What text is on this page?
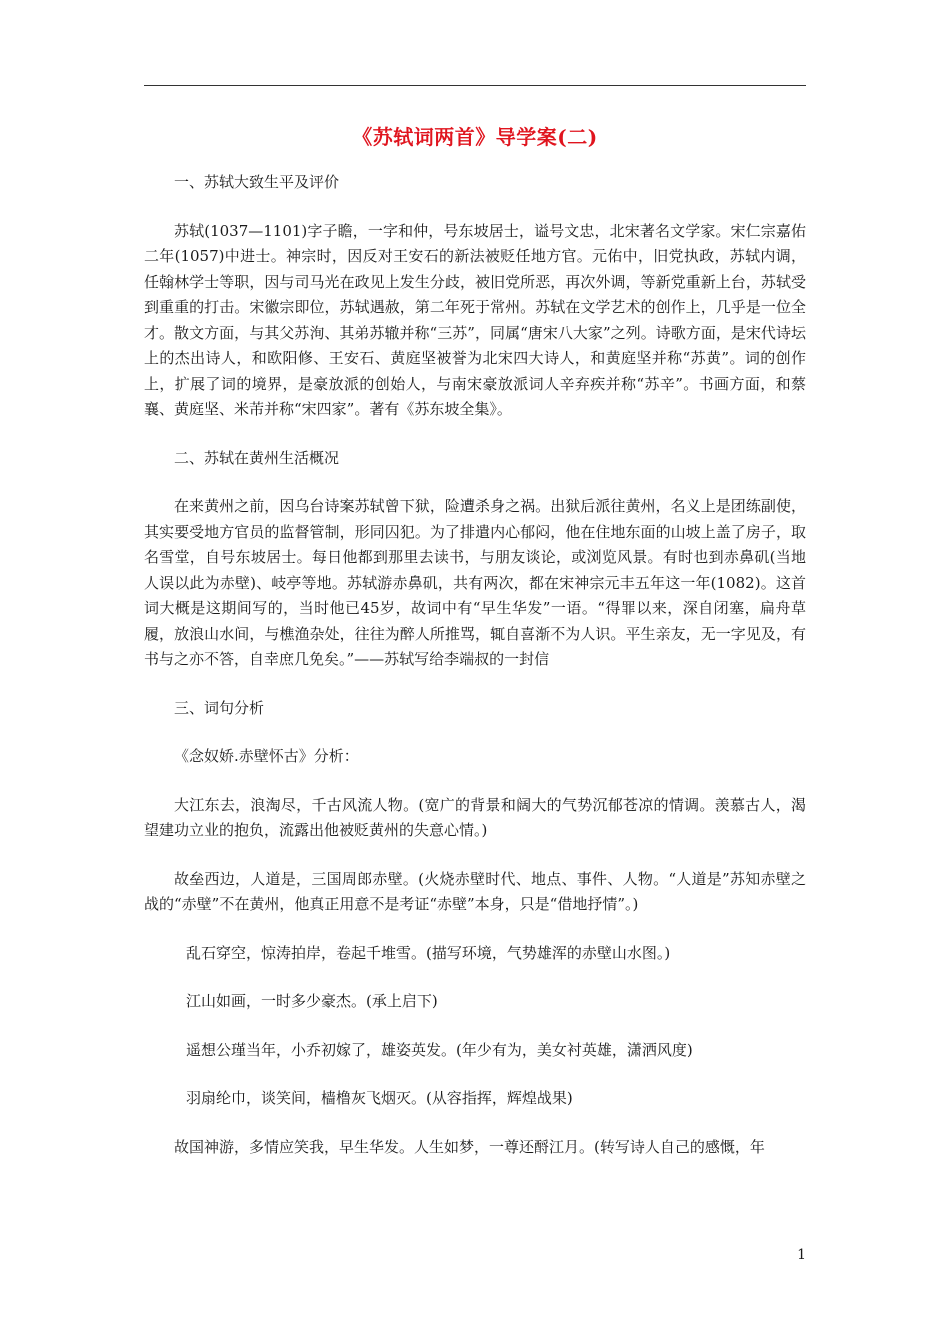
《苏轼词两首》导学案(二)

一、苏轼大致生平及评价

苏轼(1037—1101)字子瞻，一字和仲，号东坡居士，谥号文忠，北宋著名文学家。宋仁宗嘉佑二年(1057)中进士。神宗时，因反对王安石的新法被贬任地方官。元佑中，旧党执政，苏轼内调，任翰林学士等职，因与司马光在政见上发生分歧，被旧党所恶，再次外调，等新党重新上台，苏轼受到重重的打击。宋徽宗即位，苏轼遇赦，第二年死于常州。苏轼在文学艺术的创作上，几乎是一位全才。散文方面，与其父苏洵、其弟苏辙并称“三苏”，同属“唐宋八大家”之列。诗歌方面，是宋代诗坛上的杰出诗人，和欧阳修、王安石、黄庭坚被誉为北宋四大诗人，和黄庭坚并称“苏黄”。词的创作上，扩展了词的境界，是豪放派的创始人，与南宋豪放派词人辛弃疾并称“苏辛”。书画方面，和蔡襄、黄庭坚、米芾并称“宋四家”。著有《苏东坡全集》。

二、苏轼在黄州生活概况

在来黄州之前，因乌台诗案苏轼曾下狱，险遭杀身之祸。出狱后派往黄州，名义上是团练副使，其实要受地方官员的监督管制，形同囚犯。为了排遣内心郁闷，他在住地东面的山坡上盖了房子，取名雪堂，自号东坡居士。每日他都到那里去读书，与朋友谈论，或浏览风景。有时也到赤鼻矶(当地人误以此为赤壁)、岐亭等地。苏轼游赤鼻矶，共有两次，都在宋神宗元丰五年这一年(1082)。这首词大概是这期间写的，当时他已45岁，故词中有“早生华发”一语。“得罪以来，深自闭塞，扁舟草履，放浪山水间，与樵渔杂处，往往为醉人所推骂，辄自喜渐不为人识。平生亲友，无一字见及，有书与之亦不答，自幸庶几免矣。”——苏轼写给李端叔的一封信

三、词句分析

《念奴娇.赤壁怀古》分析：

大江东去，浪淘尽，千古风流人物。(宽广的背景和阔大的气势沉郁苍凉的情调。羡慕古人，渴望建功立业的抱负，流露出他被贬黄州的失意心情。)

故垒西边，人道是，三国周郎赤壁。(火烧赤壁时代、地点、事件、人物。“人道是”苏知赤壁之战的“赤壁”不在黄州，他真正用意不是考证“赤壁”本身，只是“借地抒情”。)

乱石穿空，惊涛拍岸，卷起千堆雪。(描写环境，气势雄浑的赤壁山水图。)

江山如画，一时多少豪杰。(承上启下)

遥想公瑾当年，小乔初嫁了，雄姿英发。(年少有为，美女衬英雄，潇洒风度)

羽扇纶巾，谈笑间，樯橹灰飞烟灭。(从容指挥，辉煌战果)

故国神游，多情应笑我，早生华发。人生如梦，一尊还酹江月。(转写诗人自己的感慨，年

1
